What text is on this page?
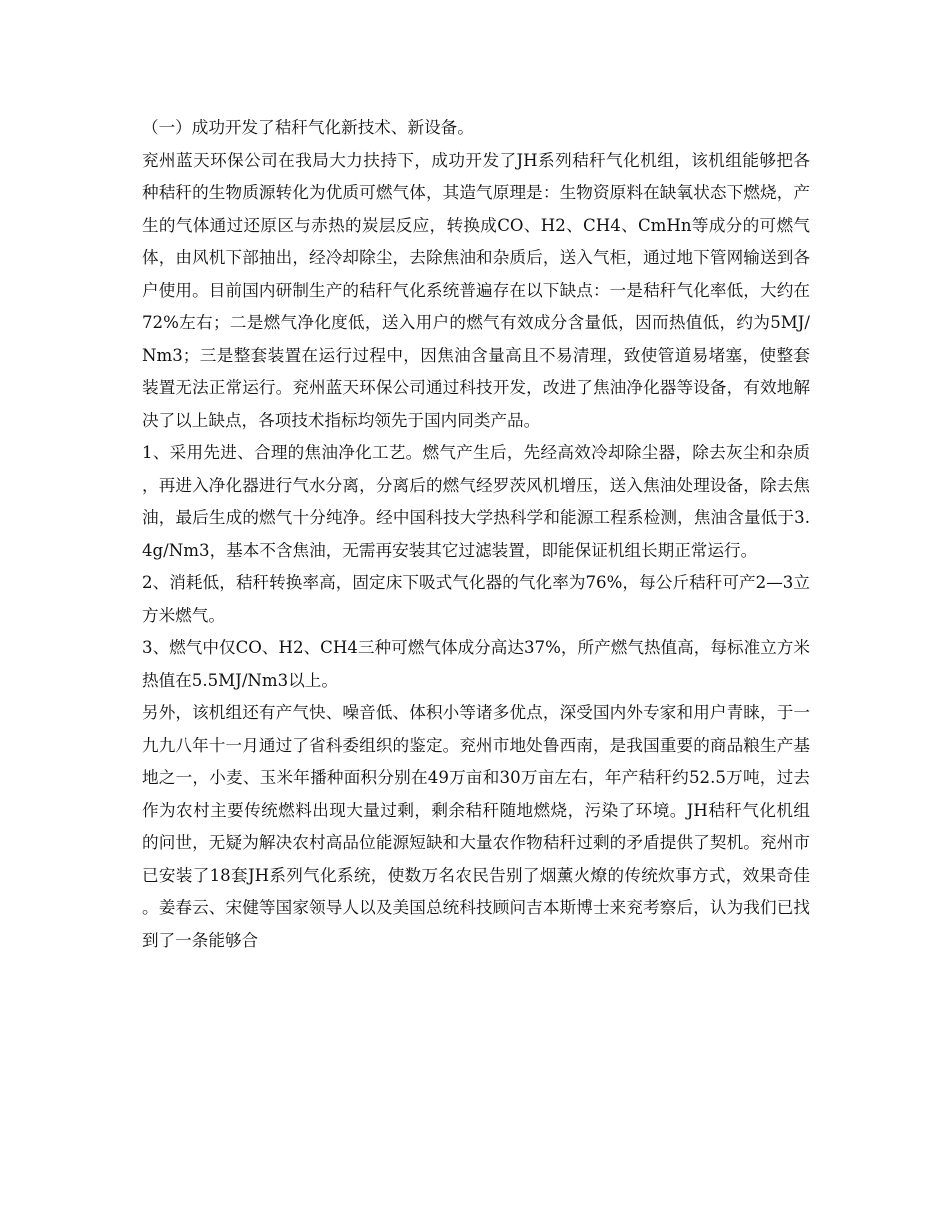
（一）成功开发了秸秆气化新技术、新设备。

兖州蓝天环保公司在我局大力扶持下，成功开发了JH系列秸秆气化机组，该机组能够把各种秸秆的生物质源转化为优质可燃气体，其造气原理是：生物资原料在缺氧状态下燃烧，产生的气体通过还原区与赤热的炭层反应，转换成CO、H2、CH4、CmHn等成分的可燃气体，由风机下部抽出，经冷却除尘，去除焦油和杂质后，送入气柜，通过地下管网输送到各户使用。目前国内研制生产的秸秆气化系统普遍存在以下缺点：一是秸秆气化率低，大约在72%左右；二是燃气净化度低，送入用户的燃气有效成分含量低，因而热值低，约为5MJ/Nm3；三是整套装置在运行过程中，因焦油含量高且不易清理，致使管道易堵塞，使整套装置无法正常运行。兖州蓝天环保公司通过科技开发，改进了焦油净化器等设备，有效地解决了以上缺点，各项技术指标均领先于国内同类产品。

1、采用先进、合理的焦油净化工艺。燃气产生后，先经高效冷却除尘器，除去灰尘和杂质，再进入净化器进行气水分离，分离后的燃气经罗茨风机增压，送入焦油处理设备，除去焦油，最后生成的燃气十分纯净。经中国科技大学热科学和能源工程系检测，焦油含量低于3.4g/Nm3，基本不含焦油，无需再安装其它过滤装置，即能保证机组长期正常运行。

2、消耗低，秸秆转换率高，固定床下吸式气化器的气化率为76%，每公斤秸秆可产2—3立方米燃气。

3、燃气中仅CO、H2、CH4三种可燃气体成分高达37%，所产燃气热值高，每标准立方米热值在5.5MJ/Nm3以上。

另外，该机组还有产气快、噪音低、体积小等诸多优点，深受国内外专家和用户青睐，于一九九八年十一月通过了省科委组织的鉴定。兖州市地处鲁西南，是我国重要的商品粮生产基地之一，小麦、玉米年播种面积分别在49万亩和30万亩左右，年产秸秆约52.5万吨，过去作为农村主要传统燃料出现大量过剩，剩余秸秆随地燃烧，污染了环境。JH秸秆气化机组的问世，无疑为解决农村高品位能源短缺和大量农作物秸秆过剩的矛盾提供了契机。兖州市已安装了18套JH系列气化系统，使数万名农民告别了烟薰火燎的传统炊事方式，效果奇佳。姜春云、宋健等国家领导人以及美国总统科技顾问吉本斯博士来兖考察后，认为我们已找到了一条能够合
